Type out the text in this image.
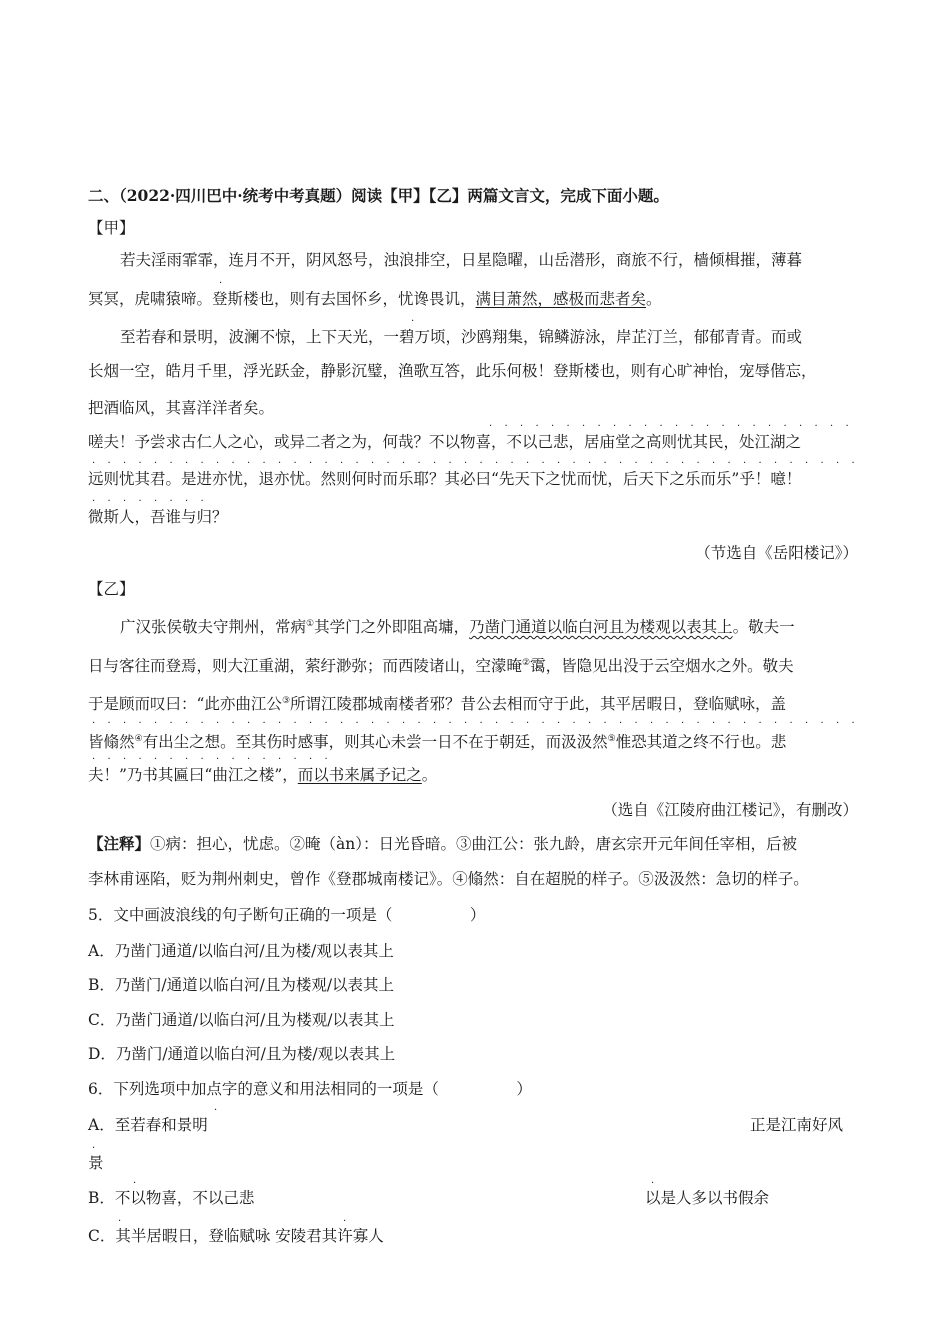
二、（2022·四川巴中·统考中考真题）阅读【甲】【乙】两篇文言文，完成下面小题。
【甲】
若夫淫雨霏霏，连月不开，阴风怒号，浊浪排空，日星隐曜，山岳潜形，商旅不行，樯倾楫摧，薄暮
冥冥，虎啸猿啼。登斯楼也，则有去国怀乡，忧谗畏讥，满目萧然，感极而悲者矣。
至若春和景明，波澜不惊，上下天光，一碧万顷，沙鸥翔集，锦鳞游泳，岸芷汀兰，郁郁青青。而或
长烟一空，皓月千里，浮光跃金，静影沉璧，渔歌互答，此乐何极！登斯楼也，则有心旷神怡，宠辱偕忘，
把酒临风，其喜洋洋者矣。
嗟夫！予尝求古仁人之心，或异二者之为，何哉？不以物喜，不以己悲，居庙堂之高则忧其民，处江湖之
远则忧其君。是进亦忧，退亦忧。然则何时而乐耶？其必曰“先天下之忧而忧，后天下之乐而乐”乎！噫！
微斯人，吾谁与归？
（节选自《岳阳楼记》）
【乙】
广汉张侯敬夫守荆州，常病①其学门之外即阻高墉，乃凿门通道以临白河且为楼观以表其上。敬夫一
日与客往而登焉，则大江重湖，萦纡渺弥；而西陵诸山，空濛晻②霭，皆隐见出没于云空烟水之外。敬夫
于是顾而叹曰：“此亦曲江公③所谓江陵郡城南楼者邪？昔公去相而守于此，其平居暇日，登临赋咏，盖
皆翛然④有出尘之想。至其伤时感事，则其心未尝一日不在于朝廷，而汲汲然⑤惟恐其道之终不行也。悲
夫！”乃书其匾曰“曲江之楼”，而以书来属予记之。
（选自《江陵府曲江楼记》，有删改）
【注释】①病：担心，忧虑。②晻（àn）：日光昏暗。③曲江公：张九龄，唐玄宗开元年间任宰相，后被
李林甫诬陷，贬为荆州刺史，曾作《登郡城南楼记》。④翛然：自在超脱的样子。⑤汲汲然：急切的样子。
5．文中画波浪线的句子断句正确的一项是（　　　　　）
A．乃凿门通道/以临白河/且为楼/观以表其上
B．乃凿门/通道以临白河/且为楼观/以表其上
C．乃凿门通道/以临白河/且为楼观/以表其上
D．乃凿门/通道以临白河/且为楼/观以表其上
6．下列选项中加点字的意义和用法相同的一项是（　　　　　）
A．至若春和景明	正是江南好风
景
B．不以物喜，不以己悲	以是人多以书假余
C．其半居暇日，登临赋咏 安陵君其许寡人
·
·
·
·
·	·
·	·
· · · · · · · · · · · · · · · · · · · · · · · ·
· · · · · · · · · · · · · · · · · · · · · · · · · · · · · · · · · · · · · · · · · · · · · · · · · ·
· · · · · · · ·
· · · · · · · · · · · · · · · · · · · · · · · · · · · · · · · · · · · · · · · · · · · · · · · · · ·
· · · · · · · · · · · · · · · ·
